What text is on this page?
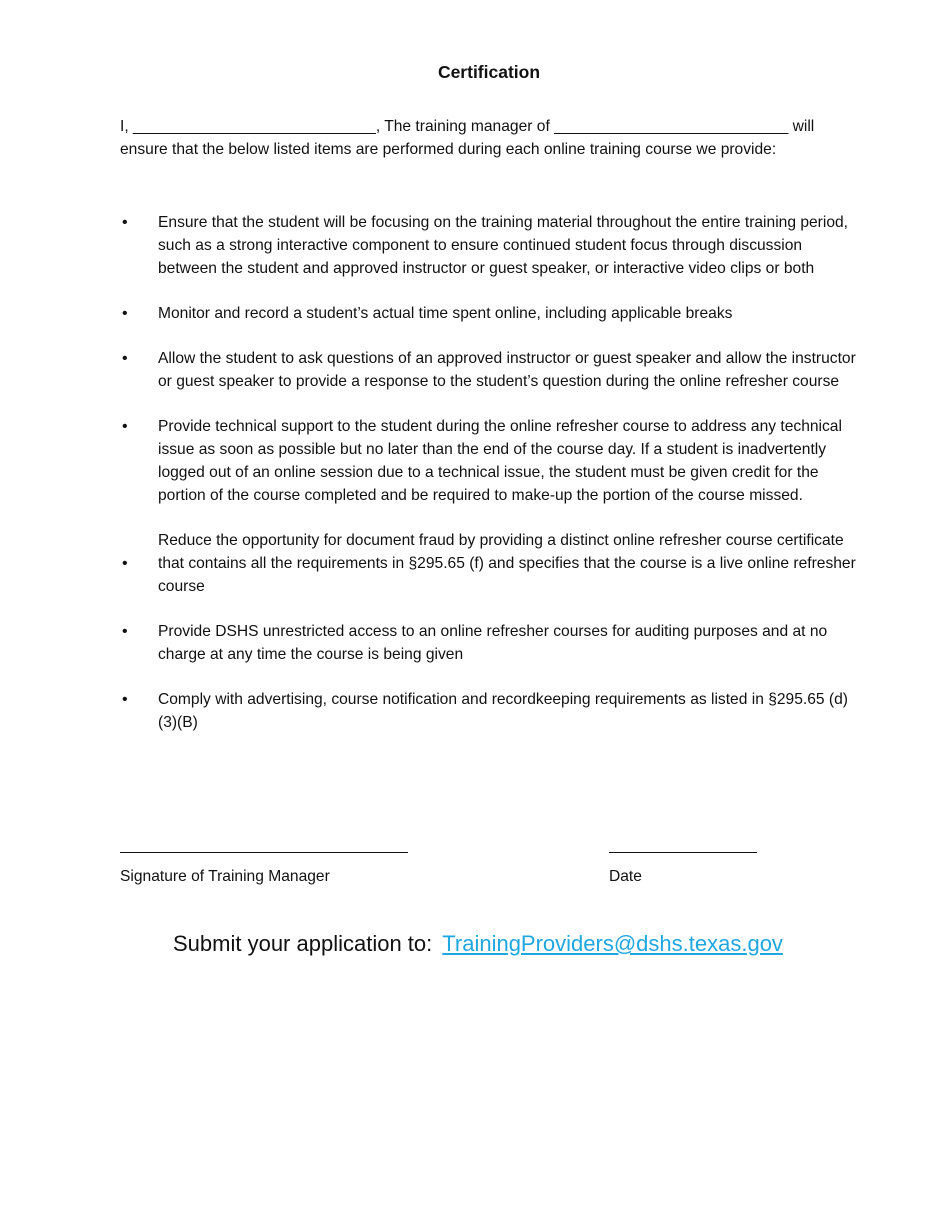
Certification

I, ____________________________, The training manager of ___________________________ will ensure that the below listed items are performed during each online training course we provide:

• Ensure that the student will be focusing on the training material throughout the entire training period, such as a strong interactive component to ensure continued student focus through discussion between the student and approved instructor or guest speaker, or interactive video clips or both
• Monitor and record a student’s actual time spent online, including applicable breaks
• Allow the student to ask questions of an approved instructor or guest speaker and allow the instructor or guest speaker to provide a response to the student’s question during the online refresher course
• Provide technical support to the student during the online refresher course to address any technical issue as soon as possible but no later than the end of the course day. If a student is inadvertently logged out of an online session due to a technical issue, the student must be given credit for the portion of the course completed and be required to make-up the portion of the course missed.
•
Reduce the opportunity for document fraud by providing a distinct online refresher course certificate that contains all the requirements in §295.65 (f) and specifies that the course is a live online refresher course
• Provide DSHS unrestricted access to an online refresher courses for auditing purposes and at no charge at any time the course is being given
• Comply with advertising, course notification and recordkeeping requirements as listed in §295.65 (d)(3)(B)
Signature of Training Manager	Date
Submit your application to: TrainingProviders@dshs.texas.gov
